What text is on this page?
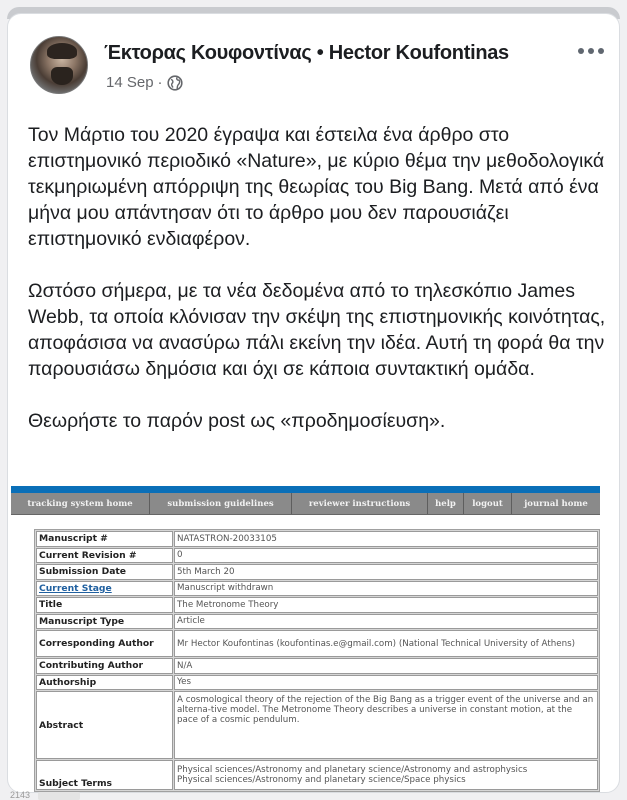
Έκτορας Κουφοντίνας • Hector Koufontinas
14 Sep ·

Τον Μάρτιο του 2020 έγραψα και έστειλα ένα άρθρο στο επιστημονικό περιοδικό «Nature», με κύριο θέμα την μεθοδολογικά τεκμηριωμένη απόρριψη της θεωρίας του Big Bang. Μετά από ένα μήνα μου απάντησαν ότι το άρθρο μου δεν παρουσιάζει επιστημονικό ενδιαφέρον.

Ωστόσο σήμερα, με τα νέα δεδομένα από το τηλεσκόπιο James Webb, τα οποία κλόνισαν την σκέψη της επιστημονικής κοινότητας, αποφάσισα να ανασύρω πάλι εκείνη την ιδέα. Αυτή τη φορά θα την παρουσιάσω δημόσια και όχι σε κάποια συντακτική ομάδα.

Θεωρήστε το παρόν post ως «προδημοσίευση».

tracking system home	submission guidelines	reviewer instructions	help	logout	journal home
Manuscript #	NATASTRON-20033105
Current Revision #	0
Submission Date	5th March 20
Current Stage	Manuscript withdrawn
Title	The Metronome Theory
Manuscript Type	Article
Corresponding Author	Mr Hector Koufontinas (koufontinas.e@gmail.com) (National Technical University of Athens)
Contributing Author	N/A
Authorship	Yes
Abstract	A cosmological theory of the rejection of the Big Bang as a trigger event of the universe and an alterna-tive model. The Metronome Theory describes a universe in constant motion, at the pace of a cosmic pendulum.
Subject Terms	Physical sciences/Astronomy and planetary science/Astronomy and astrophysics
Physical sciences/Astronomy and planetary science/Space physics
2143
